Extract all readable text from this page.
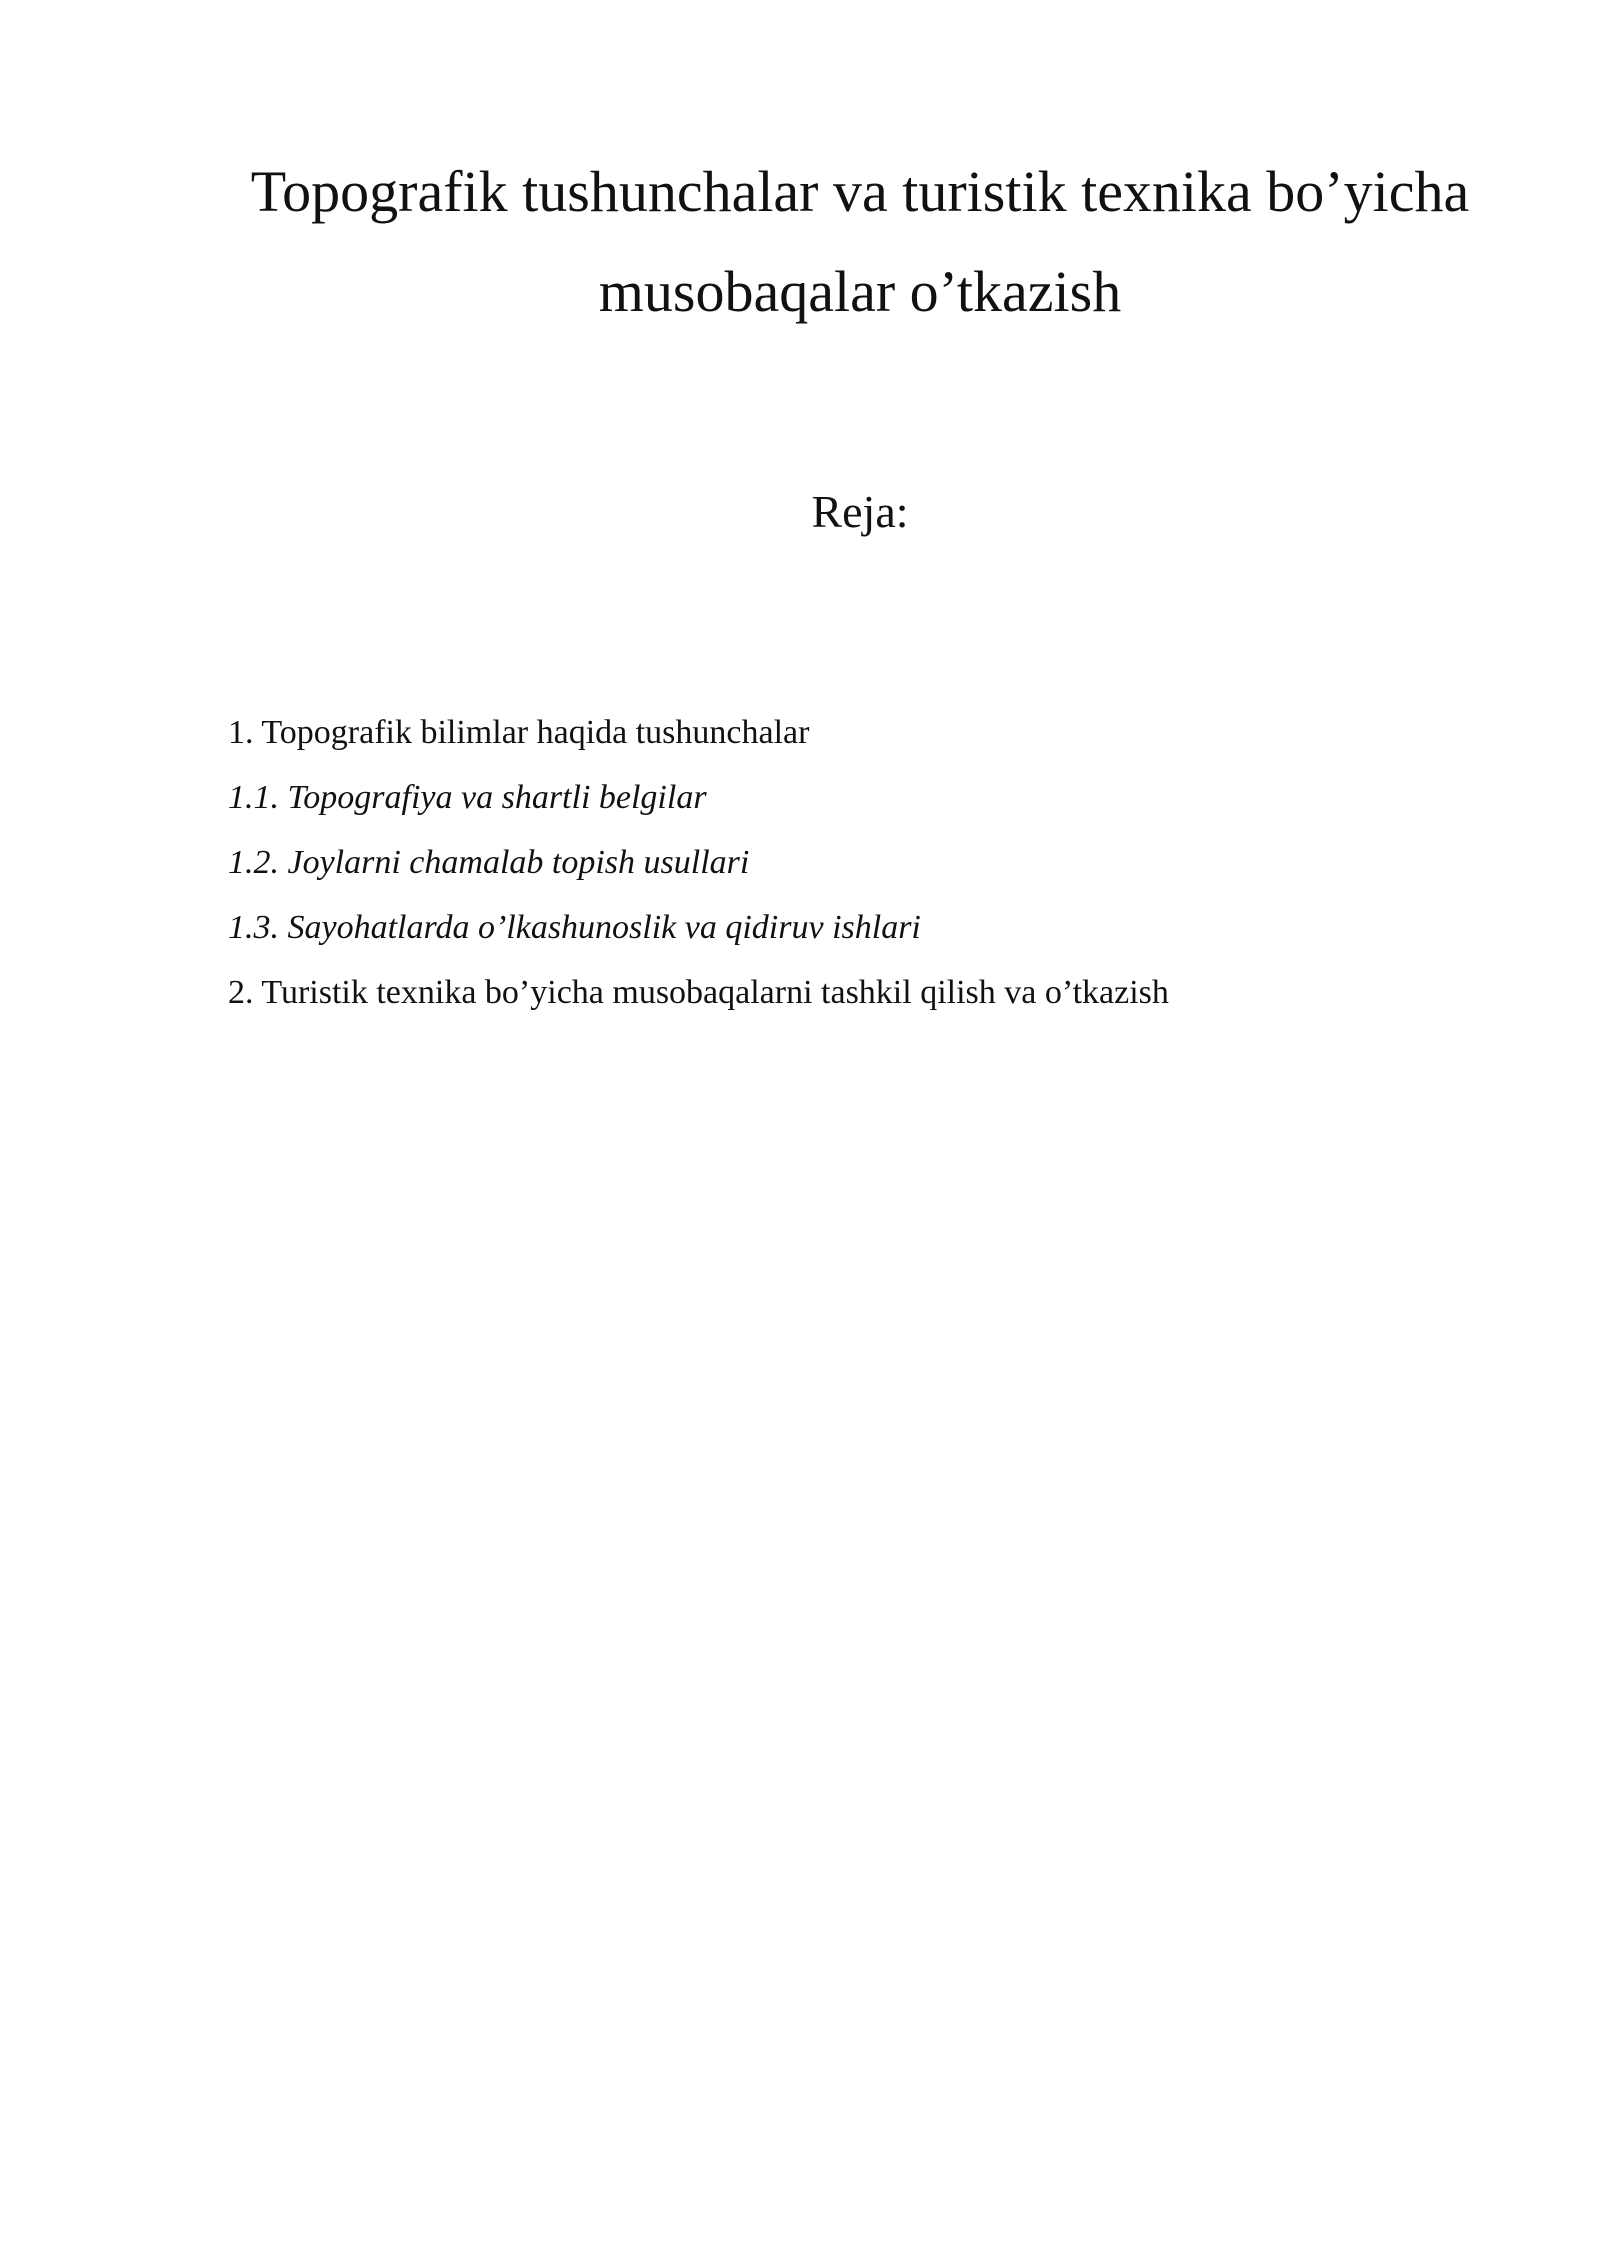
Topografik tushunchalar va turistik texnika bo’yicha
musobaqalar o’tkazish
Reja:
1. Topografik bilimlar haqida tushunchalar
1.1. Topografiya va shartli belgilar
1.2. Joylarni chamalab topish usullari
1.3. Sayohatlarda o’lkashunoslik va qidiruv ishlari
2. Turistik texnika bo’yicha musobaqalarni tashkil qilish va o’tkazish
